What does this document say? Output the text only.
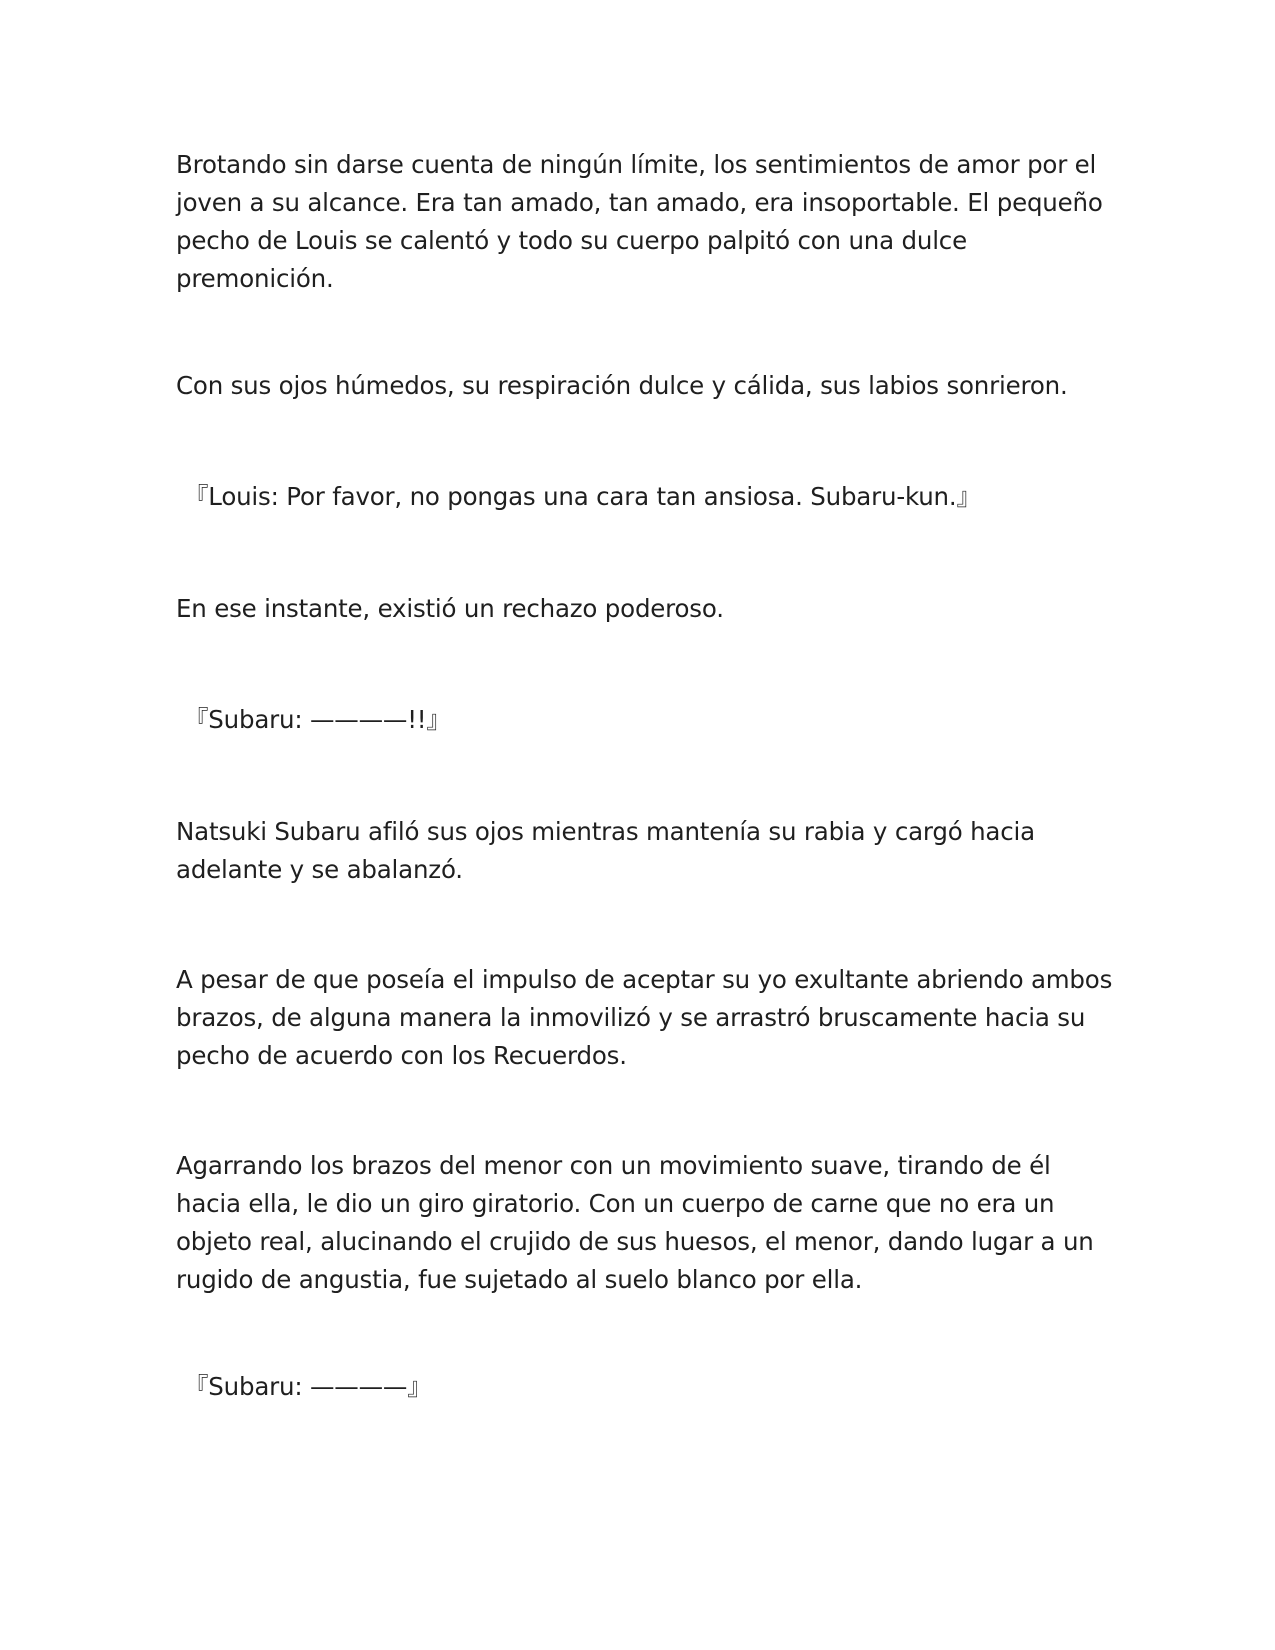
Brotando sin darse cuenta de ningún límite, los sentimientos de amor por el
joven a su alcance. Era tan amado, tan amado, era insoportable. El pequeño
pecho de Louis se calentó y todo su cuerpo palpitó con una dulce
premonición.

Con sus ojos húmedos, su respiración dulce y cálida, sus labios sonrieron.

『Louis: Por favor, no pongas una cara tan ansiosa. Subaru-kun.』

En ese instante, existió un rechazo poderoso.

『Subaru: ————!!』

Natsuki Subaru afiló sus ojos mientras mantenía su rabia y cargó hacia
adelante y se abalanzó.

A pesar de que poseía el impulso de aceptar su yo exultante abriendo ambos
brazos, de alguna manera la inmovilizó y se arrastró bruscamente hacia su
pecho de acuerdo con los Recuerdos.

Agarrando los brazos del menor con un movimiento suave, tirando de él
hacia ella, le dio un giro giratorio. Con un cuerpo de carne que no era un
objeto real, alucinando el crujido de sus huesos, el menor, dando lugar a un
rugido de angustia, fue sujetado al suelo blanco por ella.

『Subaru: ————』
